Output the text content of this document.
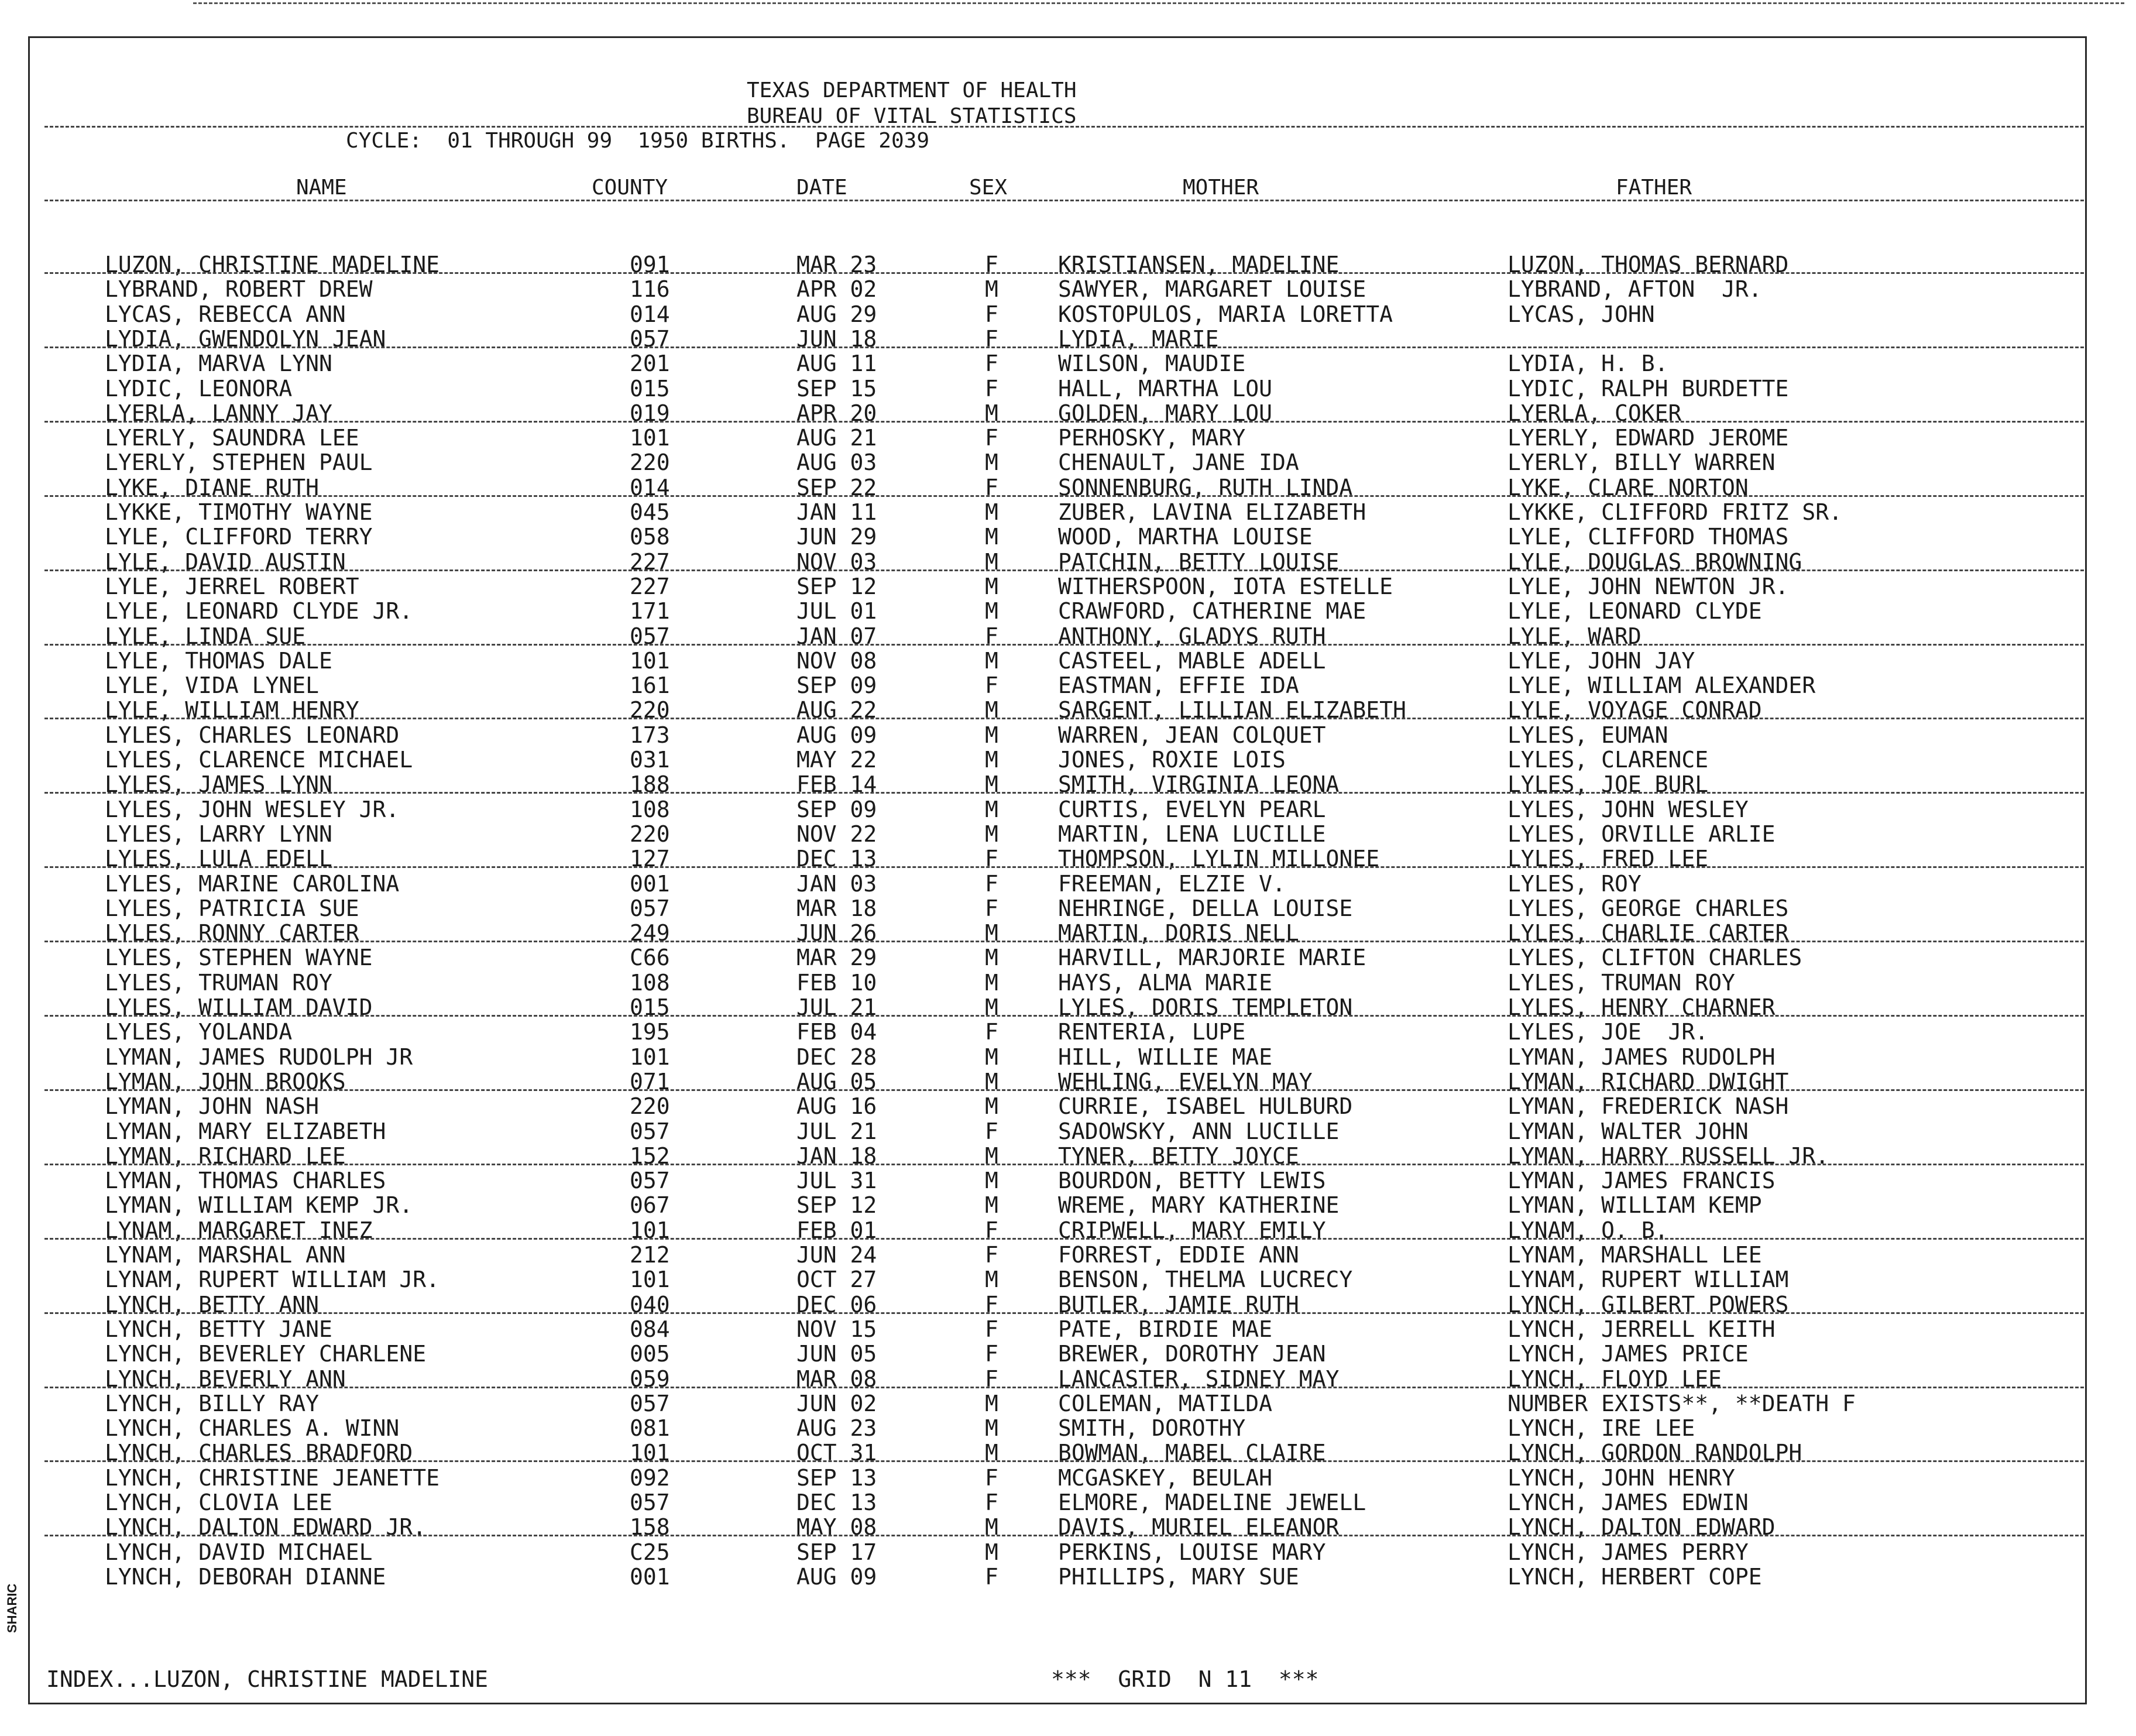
SHARIC
TEXAS DEPARTMENT OF HEALTH
BUREAU OF VITAL STATISTICS
CYCLE:  01 THROUGH 99  1950 BIRTHS.  PAGE 2039
NAME	COUNTY	DATE	SEX	MOTHER	FATHER
LUZON, CHRISTINE MADELINE	091	MAR 23	F	KRISTIANSEN, MADELINE	LUZON, THOMAS BERNARD
LYBRAND, ROBERT DREW	116	APR 02	M	SAWYER, MARGARET LOUISE	LYBRAND, AFTON  JR.
LYCAS, REBECCA ANN	014	AUG 29	F	KOSTOPULOS, MARIA LORETTA	LYCAS, JOHN
LYDIA, GWENDOLYN JEAN	057	JUN 18	F	LYDIA, MARIE
LYDIA, MARVA LYNN	201	AUG 11	F	WILSON, MAUDIE	LYDIA, H. B.
LYDIC, LEONORA	015	SEP 15	F	HALL, MARTHA LOU	LYDIC, RALPH BURDETTE
LYERLA, LANNY JAY	019	APR 20	M	GOLDEN, MARY LOU	LYERLA, COKER
LYERLY, SAUNDRA LEE	101	AUG 21	F	PERHOSKY, MARY	LYERLY, EDWARD JEROME
LYERLY, STEPHEN PAUL	220	AUG 03	M	CHENAULT, JANE IDA	LYERLY, BILLY WARREN
LYKE, DIANE RUTH	014	SEP 22	F	SONNENBURG, RUTH LINDA	LYKE, CLARE NORTON
LYKKE, TIMOTHY WAYNE	045	JAN 11	M	ZUBER, LAVINA ELIZABETH	LYKKE, CLIFFORD FRITZ SR.
LYLE, CLIFFORD TERRY	058	JUN 29	M	WOOD, MARTHA LOUISE	LYLE, CLIFFORD THOMAS
LYLE, DAVID AUSTIN	227	NOV 03	M	PATCHIN, BETTY LOUISE	LYLE, DOUGLAS BROWNING
LYLE, JERREL ROBERT	227	SEP 12	M	WITHERSPOON, IOTA ESTELLE	LYLE, JOHN NEWTON JR.
LYLE, LEONARD CLYDE JR.	171	JUL 01	M	CRAWFORD, CATHERINE MAE	LYLE, LEONARD CLYDE
LYLE, LINDA SUE	057	JAN 07	F	ANTHONY, GLADYS RUTH	LYLE, WARD
LYLE, THOMAS DALE	101	NOV 08	M	CASTEEL, MABLE ADELL	LYLE, JOHN JAY
LYLE, VIDA LYNEL	161	SEP 09	F	EASTMAN, EFFIE IDA	LYLE, WILLIAM ALEXANDER
LYLE, WILLIAM HENRY	220	AUG 22	M	SARGENT, LILLIAN ELIZABETH	LYLE, VOYAGE CONRAD
LYLES, CHARLES LEONARD	173	AUG 09	M	WARREN, JEAN COLQUET	LYLES, EUMAN
LYLES, CLARENCE MICHAEL	031	MAY 22	M	JONES, ROXIE LOIS	LYLES, CLARENCE
LYLES, JAMES LYNN	188	FEB 14	M	SMITH, VIRGINIA LEONA	LYLES, JOE BURL
LYLES, JOHN WESLEY JR.	108	SEP 09	M	CURTIS, EVELYN PEARL	LYLES, JOHN WESLEY
LYLES, LARRY LYNN	220	NOV 22	M	MARTIN, LENA LUCILLE	LYLES, ORVILLE ARLIE
LYLES, LULA EDELL	127	DEC 13	F	THOMPSON, LYLIN MILLONEE	LYLES, FRED LEE
LYLES, MARINE CAROLINA	001	JAN 03	F	FREEMAN, ELZIE V.	LYLES, ROY
LYLES, PATRICIA SUE	057	MAR 18	F	NEHRINGE, DELLA LOUISE	LYLES, GEORGE CHARLES
LYLES, RONNY CARTER	249	JUN 26	M	MARTIN, DORIS NELL	LYLES, CHARLIE CARTER
LYLES, STEPHEN WAYNE	C66	MAR 29	M	HARVILL, MARJORIE MARIE	LYLES, CLIFTON CHARLES
LYLES, TRUMAN ROY	108	FEB 10	M	HAYS, ALMA MARIE	LYLES, TRUMAN ROY
LYLES, WILLIAM DAVID	015	JUL 21	M	LYLES, DORIS TEMPLETON	LYLES, HENRY CHARNER
LYLES, YOLANDA	195	FEB 04	F	RENTERIA, LUPE	LYLES, JOE  JR.
LYMAN, JAMES RUDOLPH JR	101	DEC 28	M	HILL, WILLIE MAE	LYMAN, JAMES RUDOLPH
LYMAN, JOHN BROOKS	071	AUG 05	M	WEHLING, EVELYN MAY	LYMAN, RICHARD DWIGHT
LYMAN, JOHN NASH	220	AUG 16	M	CURRIE, ISABEL HULBURD	LYMAN, FREDERICK NASH
LYMAN, MARY ELIZABETH	057	JUL 21	F	SADOWSKY, ANN LUCILLE	LYMAN, WALTER JOHN
LYMAN, RICHARD LEE	152	JAN 18	M	TYNER, BETTY JOYCE	LYMAN, HARRY RUSSELL JR.
LYMAN, THOMAS CHARLES	057	JUL 31	M	BOURDON, BETTY LEWIS	LYMAN, JAMES FRANCIS
LYMAN, WILLIAM KEMP JR.	067	SEP 12	M	WREME, MARY KATHERINE	LYMAN, WILLIAM KEMP
LYNAM, MARGARET INEZ	101	FEB 01	F	CRIPWELL, MARY EMILY	LYNAM, O. B.
LYNAM, MARSHAL ANN	212	JUN 24	F	FORREST, EDDIE ANN	LYNAM, MARSHALL LEE
LYNAM, RUPERT WILLIAM JR.	101	OCT 27	M	BENSON, THELMA LUCRECY	LYNAM, RUPERT WILLIAM
LYNCH, BETTY ANN	040	DEC 06	F	BUTLER, JAMIE RUTH	LYNCH, GILBERT POWERS
LYNCH, BETTY JANE	084	NOV 15	F	PATE, BIRDIE MAE	LYNCH, JERRELL KEITH
LYNCH, BEVERLEY CHARLENE	005	JUN 05	F	BREWER, DOROTHY JEAN	LYNCH, JAMES PRICE
LYNCH, BEVERLY ANN	059	MAR 08	F	LANCASTER, SIDNEY MAY	LYNCH, FLOYD LEE
LYNCH, BILLY RAY	057	JUN 02	M	COLEMAN, MATILDA	NUMBER EXISTS**, **DEATH F
LYNCH, CHARLES A. WINN	081	AUG 23	M	SMITH, DOROTHY	LYNCH, IRE LEE
LYNCH, CHARLES BRADFORD	101	OCT 31	M	BOWMAN, MABEL CLAIRE	LYNCH, GORDON RANDOLPH
LYNCH, CHRISTINE JEANETTE	092	SEP 13	F	MCGASKEY, BEULAH	LYNCH, JOHN HENRY
LYNCH, CLOVIA LEE	057	DEC 13	F	ELMORE, MADELINE JEWELL	LYNCH, JAMES EDWIN
LYNCH, DALTON EDWARD JR.	158	MAY 08	M	DAVIS, MURIEL ELEANOR	LYNCH, DALTON EDWARD
LYNCH, DAVID MICHAEL	C25	SEP 17	M	PERKINS, LOUISE MARY	LYNCH, JAMES PERRY
LYNCH, DEBORAH DIANNE	001	AUG 09	F	PHILLIPS, MARY SUE	LYNCH, HERBERT COPE
INDEX...LUZON, CHRISTINE MADELINE	***  GRID  N 11  ***
